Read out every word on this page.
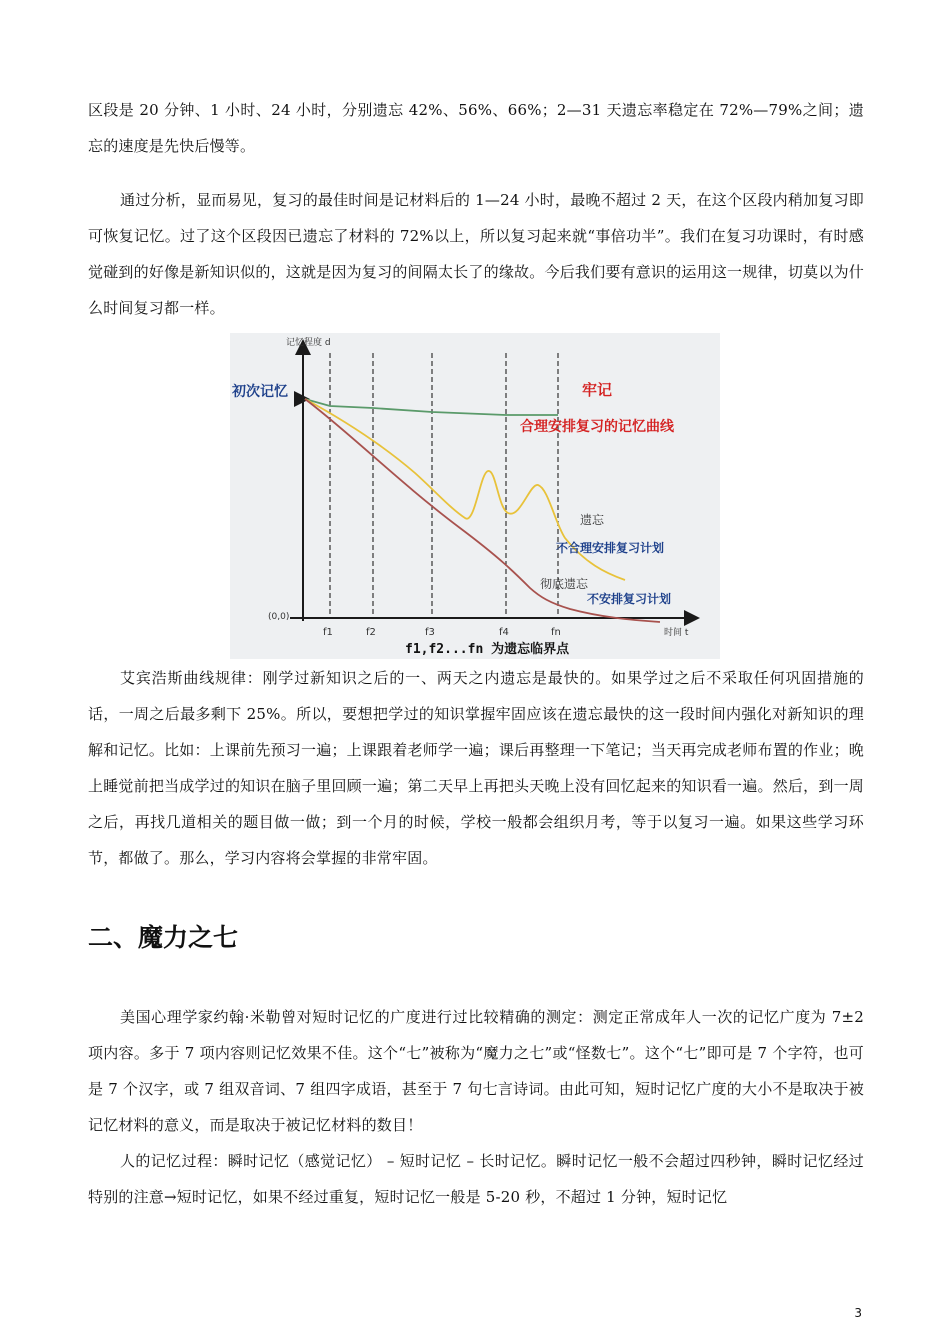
区段是 20 分钟、1 小时、24 小时，分别遗忘 42%、56%、66%；2—31 天遗忘率稳定在 72%—79%之间；遗忘的速度是先快后慢等。

通过分析，显而易见，复习的最佳时间是记材料后的 1—24 小时，最晚不超过 2 天，在这个区段内稍加复习即可恢复记忆。过了这个区段因已遗忘了材料的 72%以上，所以复习起来就“事倍功半”。我们在复习功课时，有时感觉碰到的好像是新知识似的，这就是因为复习的间隔太长了的缘故。今后我们要有意识的运用这一规律，切莫以为什么时间复习都一样。

记忆程度 d
初次记忆
(0,0)
牢记
合理安排复习的记忆曲线
遗忘
不合理安排复习计划
彻底遗忘
不安排复习计划
f1	f2	f3	f4	fn	时间 t
f1,f2...fn 为遗忘临界点

艾宾浩斯曲线规律：刚学过新知识之后的一、两天之内遗忘是最快的。如果学过之后不采取任何巩固措施的话，一周之后最多剩下 25%。所以，要想把学过的知识掌握牢固应该在遗忘最快的这一段时间内强化对新知识的理解和记忆。比如：上课前先预习一遍；上课跟着老师学一遍；课后再整理一下笔记；当天再完成老师布置的作业；晚上睡觉前把当成学过的知识在脑子里回顾一遍；第二天早上再把头天晚上没有回忆起来的知识看一遍。然后，到一周之后，再找几道相关的题目做一做；到一个月的时候，学校一般都会组织月考，等于以复习一遍。如果这些学习环节，都做了。那么，学习内容将会掌握的非常牢固。

二、魔力之七

美国心理学家约翰·米勒曾对短时记忆的广度进行过比较精确的测定：测定正常成年人一次的记忆广度为 7±2 项内容。多于 7 项内容则记忆效果不佳。这个“七”被称为“魔力之七”或“怪数七”。这个“七”即可是 7 个字符，也可是 7 个汉字，或 7 组双音词、7 组四字成语，甚至于 7 句七言诗词。由此可知，短时记忆广度的大小不是取决于被记忆材料的意义，而是取决于被记忆材料的数目！

人的记忆过程：瞬时记忆（感觉记忆） – 短时记忆 – 长时记忆。瞬时记忆一般不会超过四秒钟，瞬时记忆经过特别的注意→短时记忆，如果不经过重复，短时记忆一般是 5-20 秒，不超过 1 分钟，短时记忆

3
